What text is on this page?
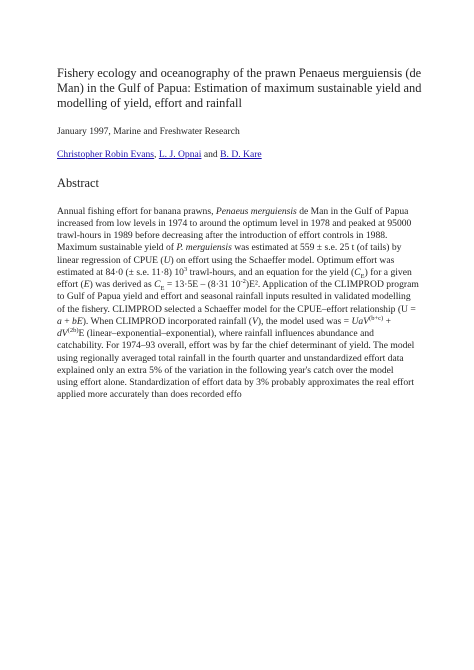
Fishery ecology and oceanography of the prawn Penaeus merguiensis (de Man) in the Gulf of Papua: Estimation of maximum sustainable yield and modelling of yield, effort and rainfall

January 1997, Marine and Freshwater Research

Christopher Robin Evans, L. J. Opnai and B. D. Kare

Abstract

Annual fishing effort for banana prawns, Penaeus merguiensis de Man in the Gulf of Papua
increased from low levels in 1974 to around the optimum level in 1978 and peaked at 95000
trawl-hours in 1989 before decreasing after the introduction of effort controls in 1988.
Maximum sustainable yield of P. merguiensis was estimated at 559 ± s.e. 25 t (of tails) by
linear regression of CPUE (U) on effort using the Schaeffer model. Optimum effort was
estimated at 84·0 (± s.e. 11·8) $10^3$ trawl-hours, and an equation for the yield $(C_E)$ for a given
effort (E) was derived as $C_E = 13\cdot 5E - (8\cdot 31$ $10^{-2})E^2$. Application of the CLIMPROD program
to Gulf of Papua yield and effort and seasonal rainfall inputs resulted in validated modelling
of the fishery. CLIMPROD selected a Schaeffer model for the CPUE–effort relationship (U =
a + bE). When CLIMPROD incorporated rainfall (V), the model used was = UaV$^{(b+c)}$ +
$dV^{(2b)}E$ (linear–exponential–exponential), where rainfall influences abundance and
catchability. For 1974–93 overall, effort was by far the chief determinant of yield. The model
using regionally averaged total rainfall in the fourth quarter and unstandardized effort data
explained only an extra 5% of the variation in the following year's catch over the model
using effort alone. Standardization of effort data by 3% probably approximates the real effort
applied more accurately than does recorded effo
